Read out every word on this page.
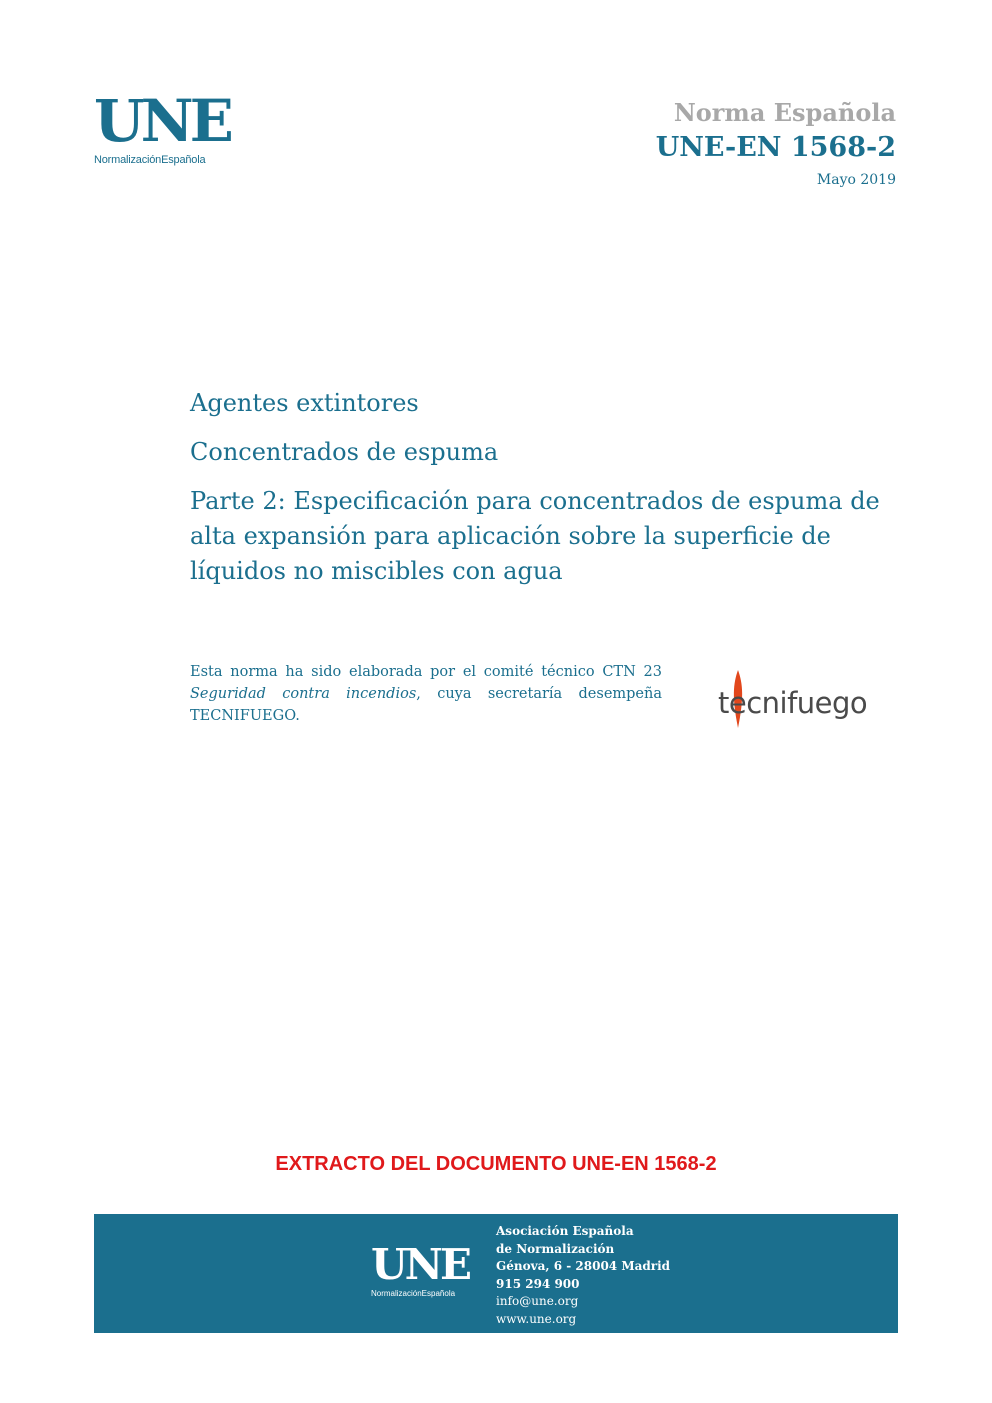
UNE
NormalizaciónEspañola
Norma Española
UNE-EN 1568-2
Mayo 2019
Agentes extintores
Concentrados de espuma
Parte 2: Especificación para concentrados de espuma de alta expansión para aplicación sobre la superficie de líquidos no miscibles con agua
Esta norma ha sido elaborada por el comité técnico CTN 23 Seguridad contra incendios, cuya secretaría desempeña TECNIFUEGO.	tecnifuego
EXTRACTO DEL DOCUMENTO UNE-EN 1568-2
UNE
NormalizaciónEspañola
Asociación Española
de Normalización
Génova, 6 - 28004 Madrid
915 294 900
info@une.org
www.une.org
